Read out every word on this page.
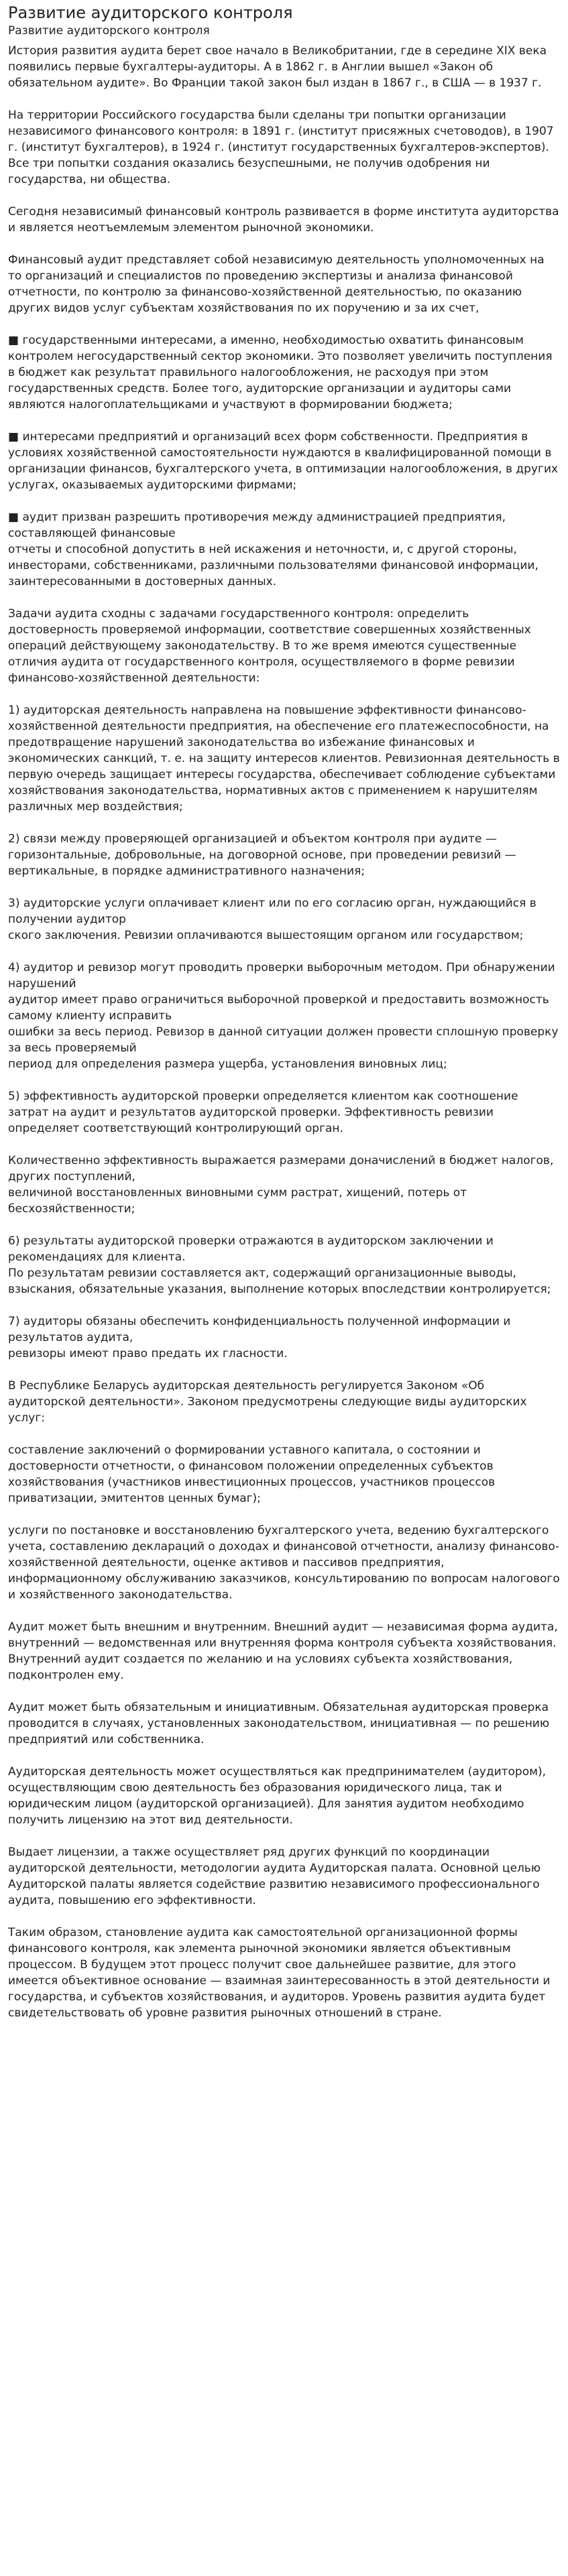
Развитие аудиторского контроля
Развитие аудиторского контроля

История развития аудита берет свое начало в Великобритании, где в середине XIX века появились первые бухгалтеры-аудиторы. А в 1862 г. в Англии вышел «Закон об обязательном аудите». Во Франции такой закон был издан в 1867 г., в США — в 1937 г.

На территории Российского государства были сделаны три попытки организации независимого финансового контроля: в 1891 г. (институт присяжных счетоводов), в 1907 г. (институт бухгалтеров), в 1924 г. (институт государственных бухгалтеров-экспертов). Все три попытки создания оказались безуспешными, не получив одобрения ни государства, ни общества.

Сегодня независимый финансовый контроль развивается в форме института аудиторства и является неотъемлемым элементом рыночной экономики.

Финансовый аудит представляет собой независимую деятельность уполномоченных на то организаций и специалистов по проведению экспертизы и анализа финансовой отчетности, по контролю за финансово-хозяйственной деятельностью, по оказанию других видов услуг субъектам хозяйствования по их поручению и за их счет,

■ государственными интересами, а именно, необходимостью охватить финансовым контролем негосударственный сектор экономики. Это позволяет увеличить поступления в бюджет как результат правильного налогообложения, не расходуя при этом государственных средств. Более того, аудиторские организации и аудиторы сами являются налогоплательщиками и участвуют в формировании бюджета;

■ интересами предприятий и организаций всех форм собственности. Предприятия в условиях хозяйственной самостоятельности нуждаются в квалифицированной помощи в организации финансов, бухгалтерского учета, в оптимизации налогообложения, в других услугах, оказываемых аудиторскими фирмами;

■ аудит призван разрешить противоречия между администрацией предприятия, составляющей финансовые
отчеты и способной допустить в ней искажения и неточности, и, с другой стороны, инвесторами, собственниками, различными пользователями финансовой информации, заинтересованными в достоверных данных.

Задачи аудита сходны с задачами государственного контроля: определить достоверность проверяемой информации, соответствие совершенных хозяйственных операций действующему законодательству. В то же время имеются существенные отличия аудита от государственного контроля, осуществляемого в форме ревизии финансово-хозяйственной деятельности:

1) аудиторская деятельность направлена на повышение эффективности финансово-хозяйственной деятельности предприятия, на обеспечение его платежеспособности, на предотвращение нарушений законодательства во избежание финансовых и экономических санкций, т. е. на защиту интересов клиентов. Ревизионная деятельность в первую очередь защищает интересы государства, обеспечивает соблюдение субъектами хозяйствования законодательства, нормативных актов с применением к нарушителям различных мер воздействия;

2) связи между проверяющей организацией и объектом контроля при аудите — горизонтальные, добровольные, на договорной основе, при проведении ревизий — вертикальные, в порядке административного назначения;

3) аудиторские услуги оплачивает клиент или по его согласию орган, нуждающийся в получении аудитор
ского заключения. Ревизии оплачиваются вышестоящим органом или государством;

4) аудитор и ревизор могут проводить проверки выборочным методом. При обнаружении нарушений
аудитор имеет право ограничиться выборочной проверкой и предоставить возможность самому клиенту исправить
ошибки за весь период. Ревизор в данной ситуации должен провести сплошную проверку за весь проверяемый
период для определения размера ущерба, установления виновных лиц;

5) эффективность аудиторской проверки определяется клиентом как соотношение затрат на аудит и результатов аудиторской проверки. Эффективность ревизии определяет соответствующий контролирующий орган.

Количественно эффективность выражается размерами доначислений в бюджет налогов, других поступлений,
величиной восстановленных виновными сумм растрат, хищений, потерь от бесхозяйственности;

6) результаты аудиторской проверки отражаются в аудиторском заключении и рекомендациях для клиента.
По результатам ревизии составляется акт, содержащий организационные выводы, взыскания, обязательные указания, выполнение которых впоследствии контролируется;

7) аудиторы обязаны обеспечить конфиденциальность полученной информации и результатов аудита,
ревизоры имеют право предать их гласности.

В Республике Беларусь аудиторская деятельность регулируется Законом «Об аудиторской деятельности». Законом предусмотрены следующие виды аудиторских услуг:

составление заключений о формировании уставного капитала, о состоянии и достоверности отчетности, о финансовом положении определенных субъектов хозяйствования (участников инвестиционных процессов, участников процессов приватизации, эмитентов ценных бумаг);

услуги по постановке и восстановлению бухгалтерского учета, ведению бухгалтерского учета, составлению деклараций о доходах и финансовой отчетности, анализу финансово-хозяйственной деятельности, оценке активов и пассивов предприятия, информационному обслуживанию заказчиков, консультированию по вопросам налогового и хозяйственного законодательства.

Аудит может быть внешним и внутренним. Внешний аудит — независимая форма аудита, внутренний — ведомственная или внутренняя форма контроля субъекта хозяйствования. Внутренний аудит создается по желанию и на условиях субъекта хозяйствования, подконтролен ему.

Аудит может быть обязательным и инициативным. Обязательная аудиторская проверка проводится в случаях, установленных законодательством, инициативная — по решению предприятий или собственника.

Аудиторская деятельность может осуществляться как предпринимателем (аудитором), осуществляющим свою деятельность без образования юридического лица, так и юридическим лицом (аудиторской организацией). Для занятия аудитом необходимо получить лицензию на этот вид деятельности.

Выдает лицензии, а также осуществляет ряд других функций по координации аудиторской деятельности, методологии аудита Аудиторская палата. Основной целью Аудиторской палаты является содействие развитию независимого профессионального аудита, повышению его эффективности.

Таким образом, становление аудита как самостоятельной организационной формы финансового контроля, как элемента рыночной экономики является объективным процессом. В будущем этот процесс получит свое дальнейшее развитие, для этого имеется объективное основание — взаимная заинтересованность в этой деятельности и государства, и субъектов хозяйствования, и аудиторов. Уровень развития аудита будет свидетельствовать об уровне развития рыночных отношений в стране.
